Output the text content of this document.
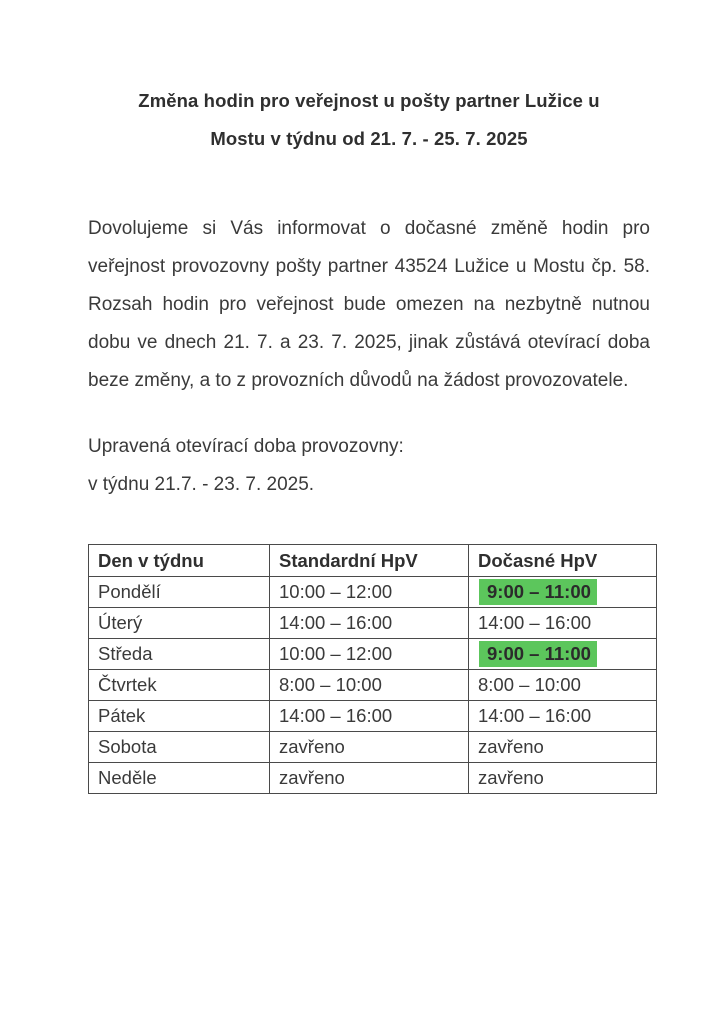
Změna hodin pro veřejnost u pošty partner Lužice u
Mostu v týdnu od 21. 7. - 25. 7. 2025

Dovolujeme si Vás informovat o dočasné změně hodin pro veřejnost provozovny pošty partner 43524 Lužice u Mostu čp. 58. Rozsah hodin pro veřejnost bude omezen na nezbytně nutnou dobu ve dnech 21. 7. a 23. 7. 2025, jinak zůstává otevírací doba beze změny, a to z provozních důvodů na žádost provozovatele.

Upravená otevírací doba provozovny:
v týdnu 21.7. - 23. 7. 2025.
Den v týdnu	Standardní HpV	Dočasné HpV
Pondělí	10:00 – 12:00	9:00 – 11:00
Úterý	14:00 – 16:00	14:00 – 16:00
Středa	10:00 – 12:00	9:00 – 11:00
Čtvrtek	8:00 – 10:00	8:00 – 10:00
Pátek	14:00 – 16:00	14:00 – 16:00
Sobota	zavřeno	zavřeno
Neděle	zavřeno	zavřeno
